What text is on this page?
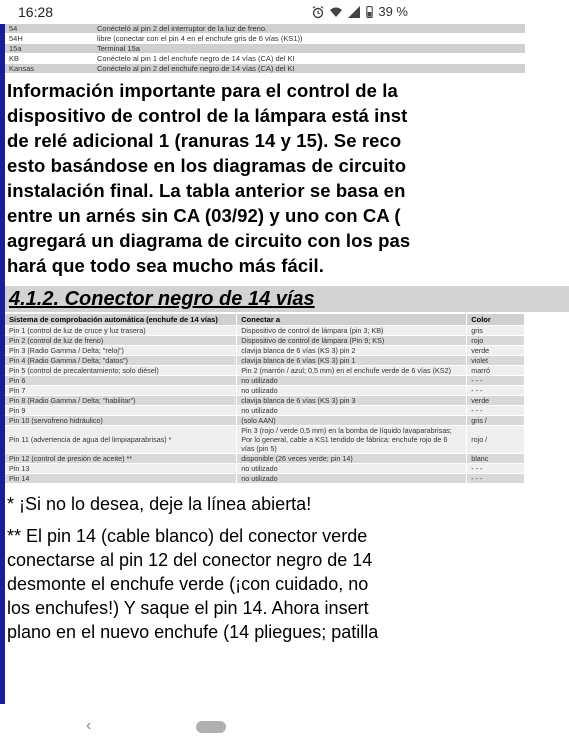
16:28	39 %
54	Conécteló al pin 2 del interruptor de la luz de freno.
54H	libre (conectar con el pin 4 en el enchufe gris de 6 vías (KS1))
15a	Terminal 15a
KB	Conéctelo al pin 1 del enchufe negro de 14 vías (CA) del KI
Kansas	Conéctelo al pin 2 del enchufe negro de 14 vías (CA) del KI
Información importante para el control de la
dispositivo de control de la lámpara está inst
de relé adicional 1 (ranuras 14 y 15). Se reco
esto basándose en los diagramas de circuito
instalación final. La tabla anterior se basa en
entre un arnés sin CA (03/92) y uno con CA (
agregará un diagrama de circuito con los pas
hará que todo sea mucho más fácil.
4.1.2. Conector negro de 14 vías
Sistema de comprobación automática (enchufe de 14 vías)	Conectar a	Color
Pin 1 (control de luz de cruce y luz trasera)	Dispositivo de control de lámpara (pin 3; KB)	gris
Pin 2 (control de luz de freno)	Dispositivo de control de lámpara (Pin 9; KS)	rojo
Pin 3 (Radio Gamma / Delta; "reloj")	clavija blanca de 6 vías (KS 3) pin 2	verde
Pin 4 (Radio Gamma / Delta; "datos")	clavija blanca de 6 vías (KS 3) pin 1	violet
Pin 5 (control de precalentamiento; solo diésel)	Pin 2 (marrón / azul; 0,5 mm) en el enchufe verde de 6 vías (KS2)	marró
Pin 6	no utilizado	- - -
Pin 7	no utilizado	- - -
Pin 8 (Radio Gamma / Delta; "habilitar")	clavija blanca de 6 vías (KS 3) pin 3	verde
Pin 9	no utilizado	- - -
Pin 10 (servofreno hidráulico)	(solo AAN)	gris /
Pin 11 (advertencia de agua del limpiaparabrisas) *	Pin 3 (rojo / verde 0,5 mm) en la bomba de líquido lavaparabrisas; Por lo general, cable a KS1 tendido de fábrica: enchufe rojo de 6 vías (pin 5)	rojo /
Pin 12 (control de presión de aceite) **	disponible (26 veces verde; pin 14)	blanc
Pin 13	no utilizado	- - -
Pin 14	no utilizado	- - -
* ¡Si no lo desea, deje la línea abierta!
** El pin 14 (cable blanco) del conector verde
conectarse al pin 12 del conector negro de 14
desmonte el enchufe verde (¡con cuidado, no
los enchufes!) Y saque el pin 14. Ahora insert
plano en el nuevo enchufe (14 pliegues; patilla
‹
